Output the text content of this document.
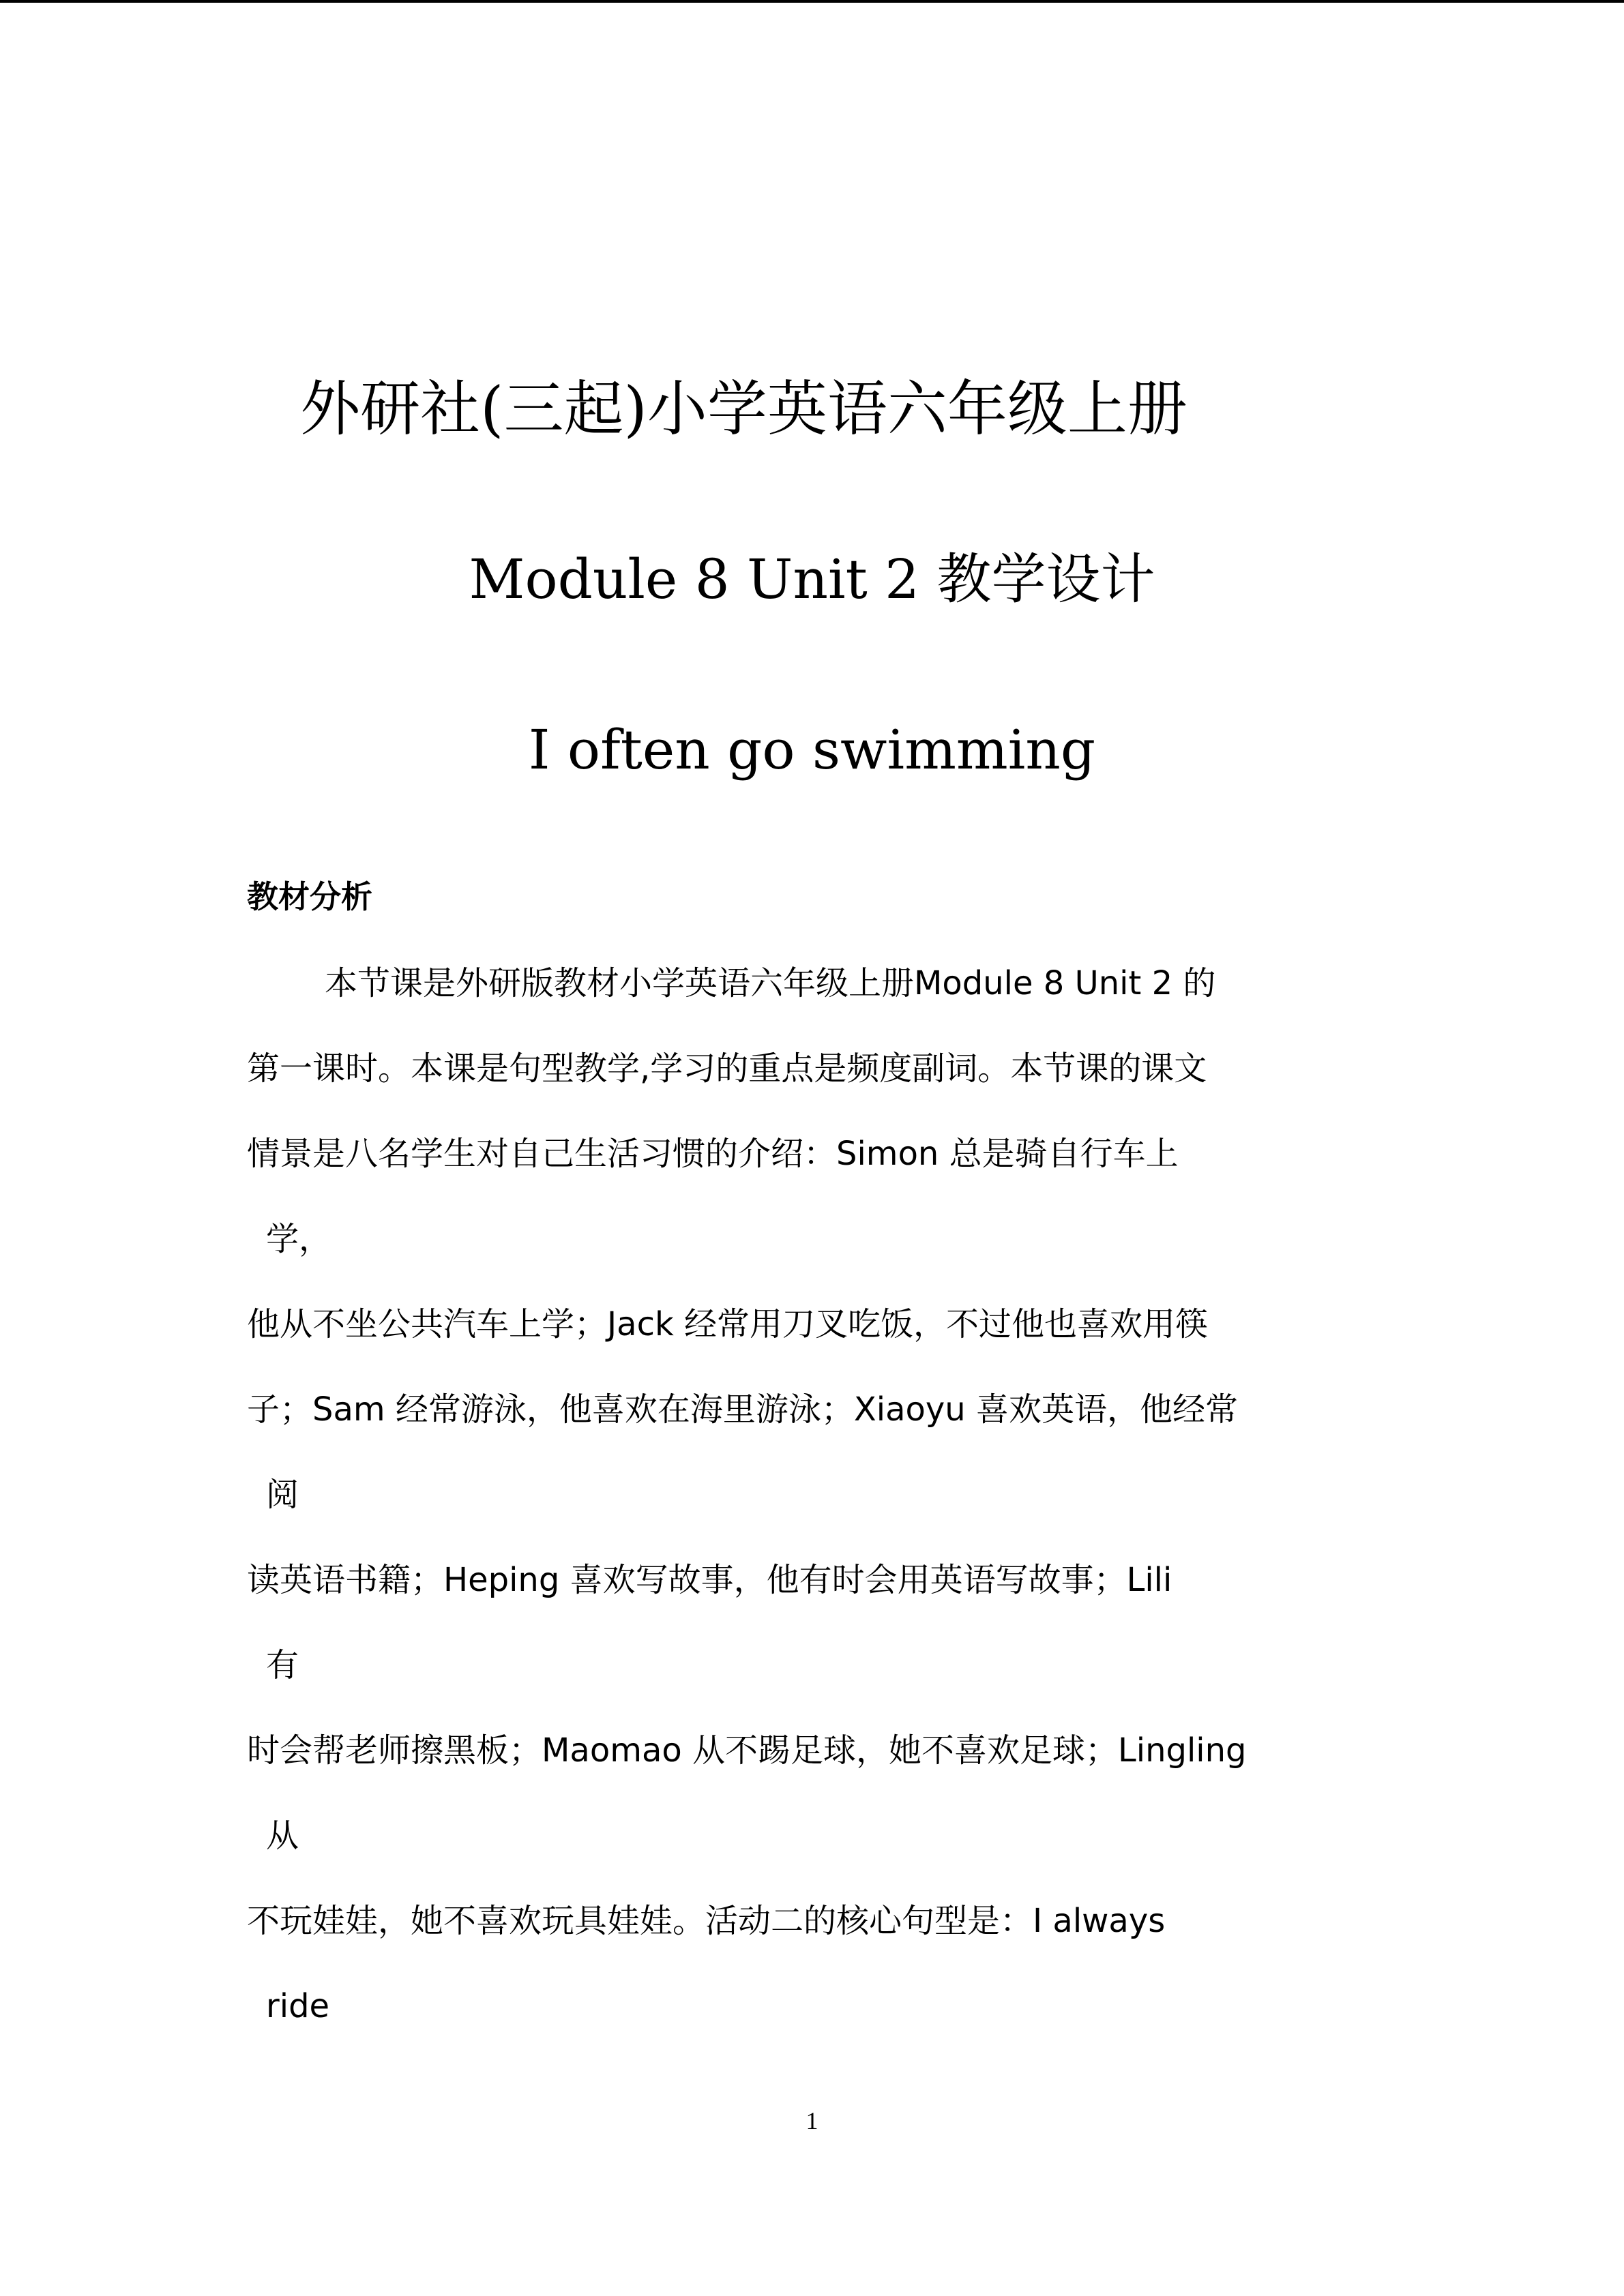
外研社(三起)小学英语六年级上册
Module 8 Unit 2 教学设计
I often go swimming
教材分析
本节课是外研版教材小学英语六年级上册Module 8 Unit 2 的
第一课时。本课是句型教学,学习的重点是频度副词。本节课的课文
情景是八名学生对自己生活习惯的介绍：Simon 总是骑自行车上
学，
他从不坐公共汽车上学；Jack 经常用刀叉吃饭，不过他也喜欢用筷
子；Sam 经常游泳，他喜欢在海里游泳；Xiaoyu 喜欢英语，他经常
阅
读英语书籍；Heping 喜欢写故事，他有时会用英语写故事；Lili
有
时会帮老师擦黑板；Maomao 从不踢足球，她不喜欢足球；Lingling
从
不玩娃娃，她不喜欢玩具娃娃。活动二的核心句型是：I always
ride
1
